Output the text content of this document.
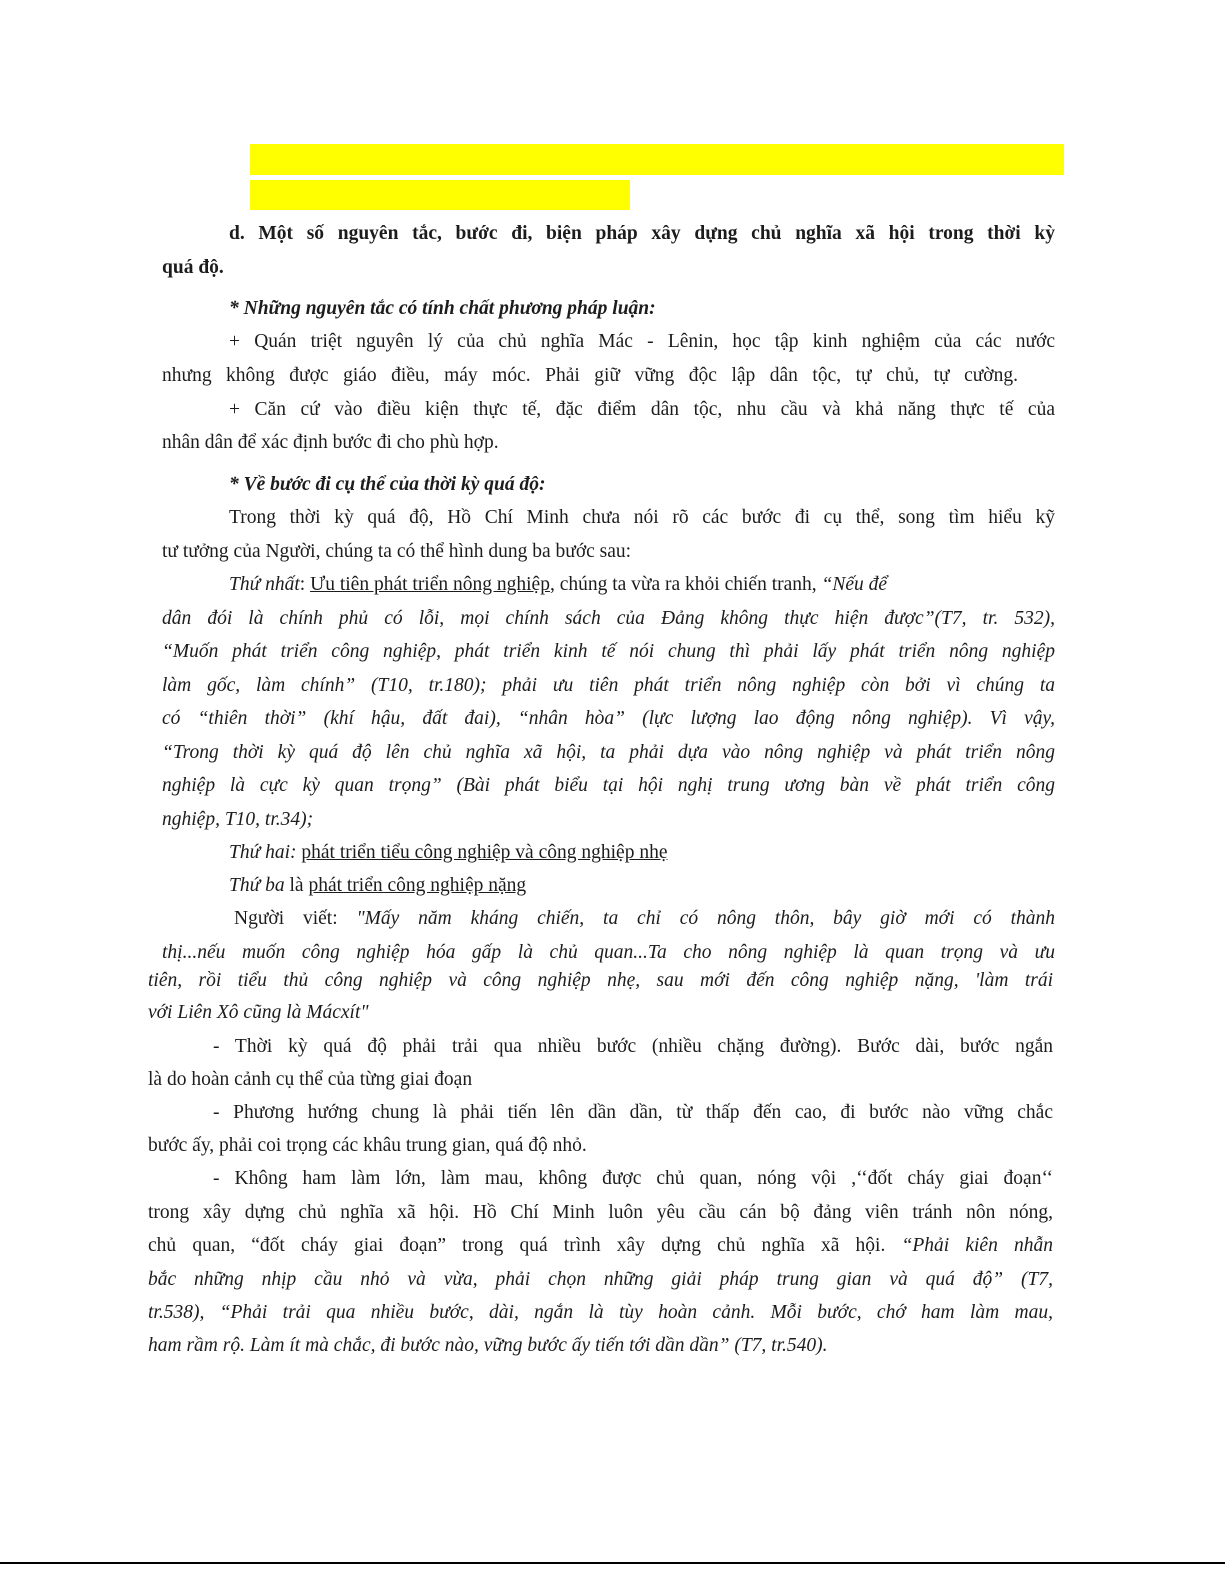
d. Một số nguyên tắc, bước đi, biện pháp xây dựng chủ nghĩa xã hội trong thời kỳ
quá độ.
* Những nguyên tắc có tính chất phương pháp luận:
+ Quán triệt nguyên lý của chủ nghĩa Mác - Lênin, học tập kinh nghiệm của các nước
nhưng không được giáo điều, máy móc. Phải giữ vững độc lập dân tộc, tự chủ, tự cường.
+ Căn cứ vào điều kiện thực tế, đặc điểm dân tộc, nhu cầu và khả năng thực tế của
nhân dân để xác định bước đi cho phù hợp.
* Về bước đi cụ thể của thời kỳ quá độ:
Trong thời kỳ quá độ, Hồ Chí Minh chưa nói rõ các bước đi cụ thể, song tìm hiểu kỹ
tư tưởng của Người, chúng ta có thể hình dung ba bước sau:
Thứ nhất: Ưu tiên phát triển nông nghiệp, chúng ta vừa ra khỏi chiến tranh, “Nếu để
dân đói là chính phủ có lỗi, mọi chính sách của Đảng không thực hiện được”(T7, tr. 532),
“Muốn phát triển công nghiệp, phát triển kinh tế nói chung thì phải lấy phát triển nông nghiệp
làm gốc, làm chính” (T10, tr.180); phải ưu tiên phát triển nông nghiệp còn bởi vì chúng ta
có “thiên thời” (khí hậu, đất đai), “nhân hòa” (lực lượng lao động nông nghiệp). Vì vậy,
“Trong thời kỳ quá độ lên chủ nghĩa xã hội, ta phải dựa vào nông nghiệp và phát triển nông
nghiệp là cực kỳ quan trọng” (Bài phát biểu tại hội nghị trung ương bàn về phát triển công
nghiệp, T10, tr.34);
Thứ hai: phát triển tiểu công nghiệp và công nghiệp nhẹ
Thứ ba là phát triển công nghiệp nặng
Người viết: "Mấy năm kháng chiến, ta chỉ có nông thôn, bây giờ mới có thành
thị...nếu muốn công nghiệp hóa gấp là chủ quan...Ta cho nông nghiệp là quan trọng và ưu
tiên, rồi tiểu thủ công nghiệp và công nghiệp nhẹ, sau mới đến công nghiệp nặng, 'làm trái
với Liên Xô cũng là Mácxít"
- Thời kỳ quá độ phải trải qua nhiều bước (nhiều chặng đường). Bước dài, bước ngắn
là do hoàn cảnh cụ thể của từng giai đoạn
- Phương hướng chung là phải tiến lên dần dần, từ thấp đến cao, đi bước nào vững chắc
bước ấy, phải coi trọng các khâu trung gian, quá độ nhỏ.
- Không ham làm lớn, làm mau, không được chủ quan, nóng vội ,‘‘đốt cháy giai đoạn‘‘
trong xây dựng chủ nghĩa xã hội. Hồ Chí Minh luôn yêu cầu cán bộ đảng viên tránh nôn nóng,
chủ quan, “đốt cháy giai đoạn” trong quá trình xây dựng chủ nghĩa xã hội. “Phải kiên nhẫn
bắc những nhịp cầu nhỏ và vừa, phải chọn những giải pháp trung gian và quá độ” (T7,
tr.538), “Phải trải qua nhiều bước, dài, ngắn là tùy hoàn cảnh. Mỗi bước, chớ ham làm mau,
ham rầm rộ. Làm ít mà chắc, đi bước nào, vững bước ấy tiến tới dần dần” (T7, tr.540).
